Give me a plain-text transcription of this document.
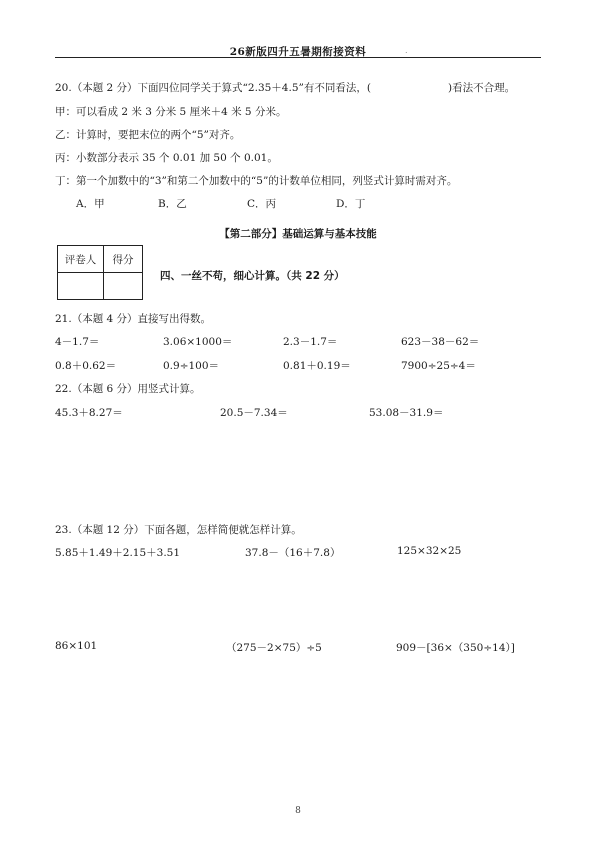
26新版四升五暑期衔接资料	.
20.（本题 2 分）下面四位同学关于算式“2.35＋4.5”有不同看法，(	)看法不合理。
甲：可以看成 2 米 3 分米 5 厘米＋4 米 5 分米。
乙：计算时，要把末位的两个“5”对齐。
丙：小数部分表示 35 个 0.01 加 50 个 0.01。
丁：第一个加数中的“3”和第二个加数中的“5”的计数单位相同，列竖式计算时需对齐。
A．甲	B．乙	C．丙	D．丁
【第二部分】基础运算与基本技能
评卷人	得分

四、一丝不苟，细心计算。（共 22 分）
21.（本题 4 分）直接写出得数。
4－1.7＝	3.06×1000＝	2.3－1.7＝	623－38－62＝
0.8＋0.62＝	0.9÷100＝	0.81＋0.19＝	7900÷25÷4＝
22.（本题 6 分）用竖式计算。
45.3＋8.27＝	20.5－7.34＝	53.08－31.9＝
23.（本题 12 分）下面各题，怎样简便就怎样计算。
5.85＋1.49＋2.15＋3.51	37.8－（16＋7.8）	125×32×25
86×101	（275－2×75）÷5	909－[36×（350÷14）]
8
